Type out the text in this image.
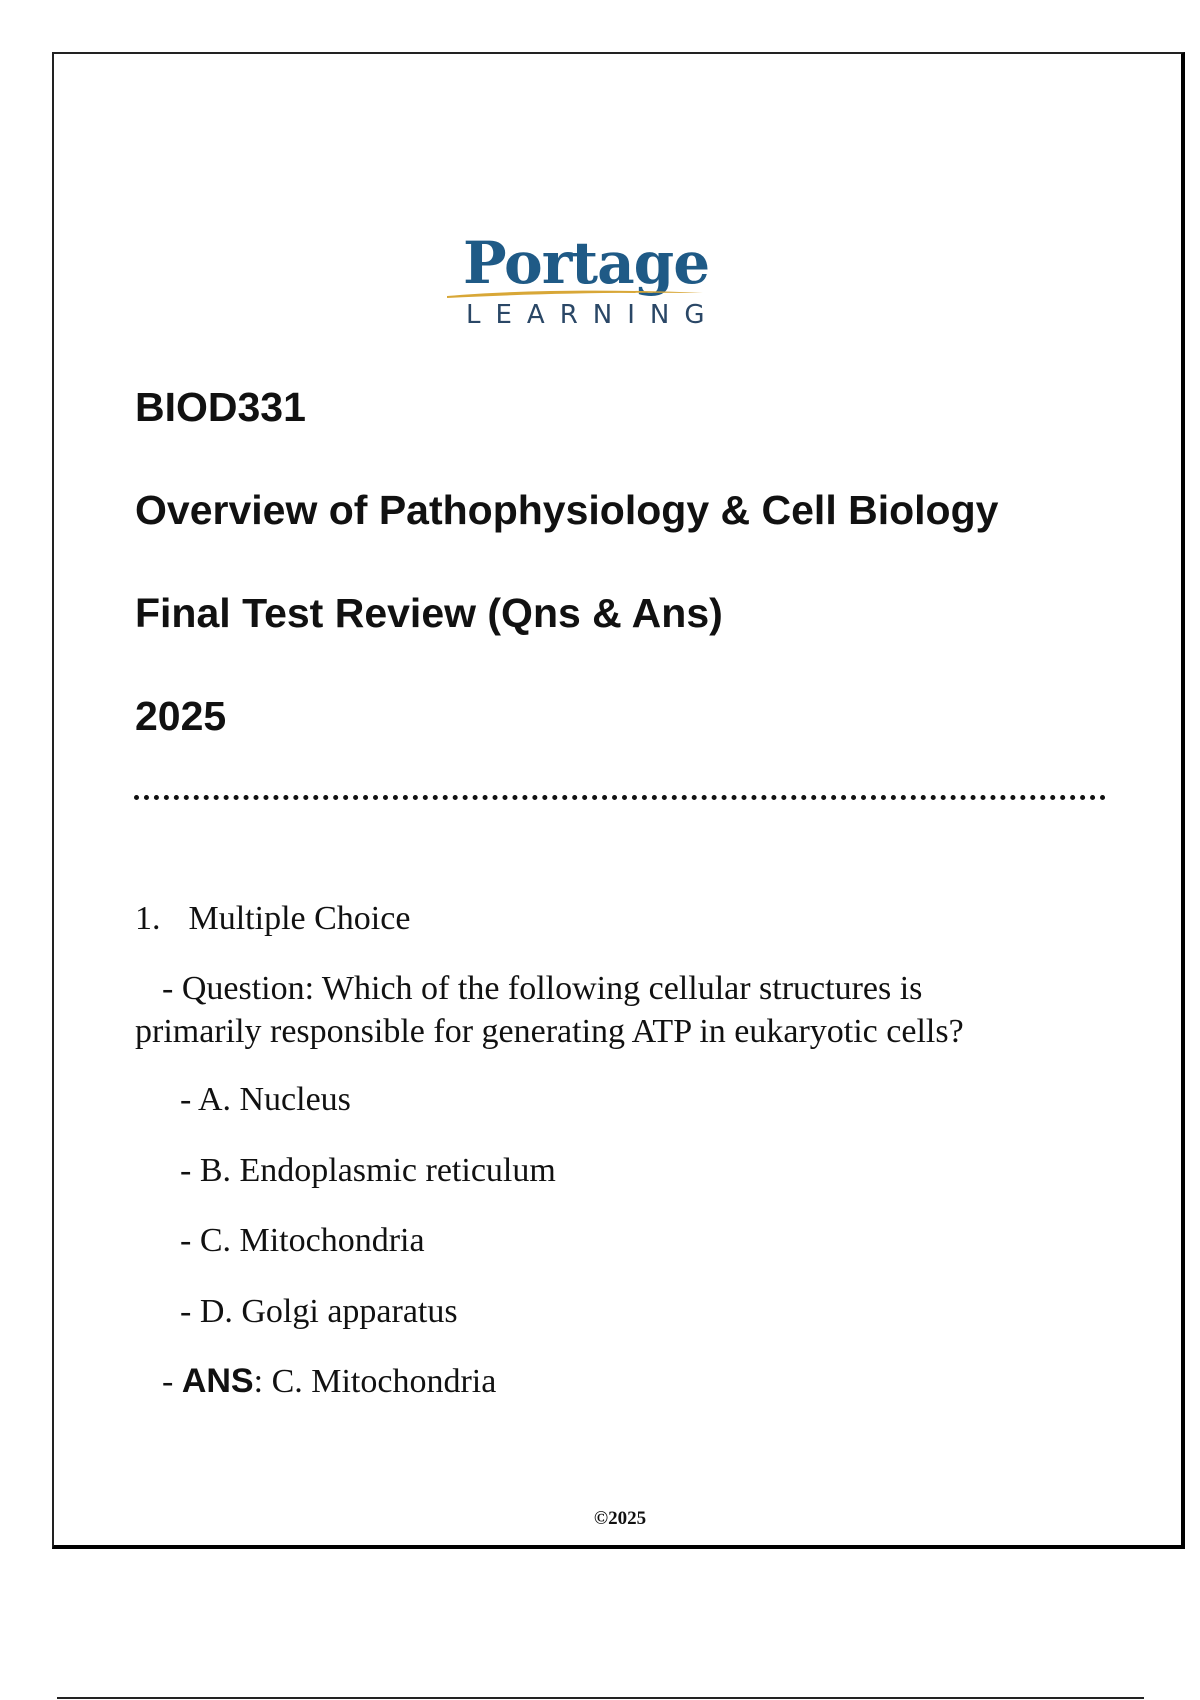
Portage
LEARNING
BIOD331
Overview of Pathophysiology & Cell Biology
Final Test Review (Qns & Ans)
2025
1. Multiple Choice
- Question: Which of the following cellular structures is
primarily responsible for generating ATP in eukaryotic cells?
- A. Nucleus
- B. Endoplasmic reticulum
- C. Mitochondria
- D. Golgi apparatus
- ANS: C. Mitochondria
©2025
